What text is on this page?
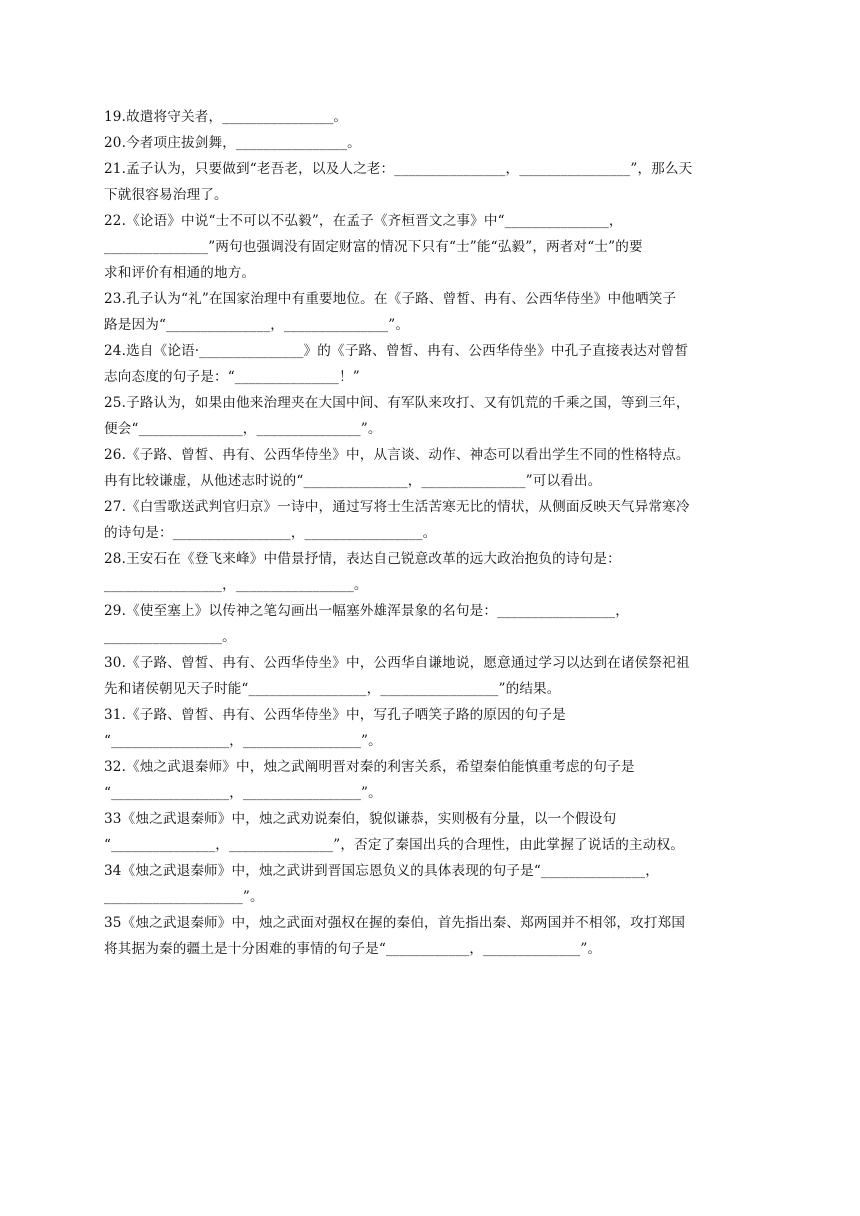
19.故遣将守关者，________________。
20.今者项庄拔剑舞，________________。
21.孟子认为，只要做到“老吾老，以及人之老：________________，________________”，那么天
下就很容易治理了。
22.《论语》中说“士不可以不弘毅”，在孟子《齐桓晋文之事》中“_______________，
_______________”两句也强调没有固定财富的情况下只有“士”能“弘毅”，两者对“士”的要
求和评价有相通的地方。
23.孔子认为“礼”在国家治理中有重要地位。在《子路、曾皙、冉有、公西华侍坐》中他哂笑子
路是因为“_______________，_______________”。
24.选自《论语·_______________》的《子路、曾皙、冉有、公西华侍坐》中孔子直接表达对曾皙
志向态度的句子是：“_______________！”
25.子路认为，如果由他来治理夹在大国中间、有军队来攻打、又有饥荒的千乘之国，等到三年，
便会“_______________，_______________”。
26.《子路、曾皙、冉有、公西华侍坐》中，从言谈、动作、神态可以看出学生不同的性格特点。
冉有比较谦虚，从他述志时说的“_______________，_______________”可以看出。
27.《白雪歌送武判官归京》一诗中，通过写将士生活苦寒无比的情状，从侧面反映天气异常寒冷
的诗句是：_________________，_________________。
28.王安石在《登飞来峰》中借景抒情，表达自己锐意改革的远大政治抱负的诗句是：
_________________，_________________。
29.《使至塞上》以传神之笔勾画出一幅塞外雄浑景象的名句是：_________________，
_________________。
30.《子路、曾皙、冉有、公西华侍坐》中，公西华自谦地说，愿意通过学习以达到在诸侯祭祀祖
先和诸侯朝见天子时能“_________________，_________________”的结果。
31.《子路、曾皙、冉有、公西华侍坐》中，写孔子哂笑子路的原因的句子是
“_________________，_________________”。
32.《烛之武退秦师》中，烛之武阐明晋对秦的利害关系，希望秦伯能慎重考虑的句子是
“_________________，_________________”。
33《烛之武退秦师》中，烛之武劝说秦伯，貌似谦恭，实则极有分量，以一个假设句
“_______________，_______________”，否定了秦国出兵的合理性，由此掌握了说话的主动权。
34《烛之武退秦师》中，烛之武讲到晋国忘恩负义的具体表现的句子是“_______________，
____________________”。
35《烛之武退秦师》中，烛之武面对强权在握的秦伯，首先指出秦、郑两国并不相邻，攻打郑国
将其据为秦的疆土是十分困难的事情的句子是“____________，______________”。
